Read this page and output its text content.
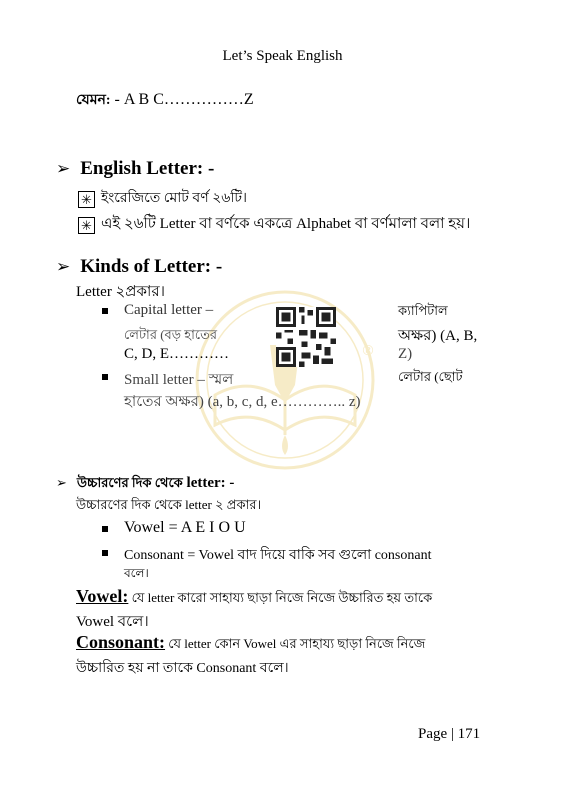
®
Let’s Speak English
যেমন: - A B C……………Z
➢ English Letter: -
✳ ইংরেজিতে মোট বর্ণ ২৬টি।
✳ এই ২৬টি Letter বা বর্ণকে একত্রে Alphabet বা বর্ণমালা বলা হয়।
➢ Kinds of Letter: -
Letter ২প্রকার।
Capital letter –	ক্যাপিটাল
লেটার (বড় হাতের	অক্ষর) (A, B,
C, D, E…………	Z)
Small letter – স্মল	লেটার (ছোট
হাতের অক্ষর) (a, b, c, d, e………….. z)
➢ উচ্চারণের দিক থেকে letter: -
উচ্চারণের দিক থেকে letter ২ প্রকার।
Vowel = A E I O U
Consonant = Vowel বাদ দিয়ে বাকি সব গুলো consonant
বলে।
Vowel: যে letter কারো সাহায্য ছাড়া নিজে নিজে উচ্চারিত হয় তাকে
Vowel বলে।
Consonant: যে letter কোন Vowel এর সাহায্য ছাড়া নিজে নিজে
উচ্চারিত হয় না তাকে Consonant বলে।
Page | 171
